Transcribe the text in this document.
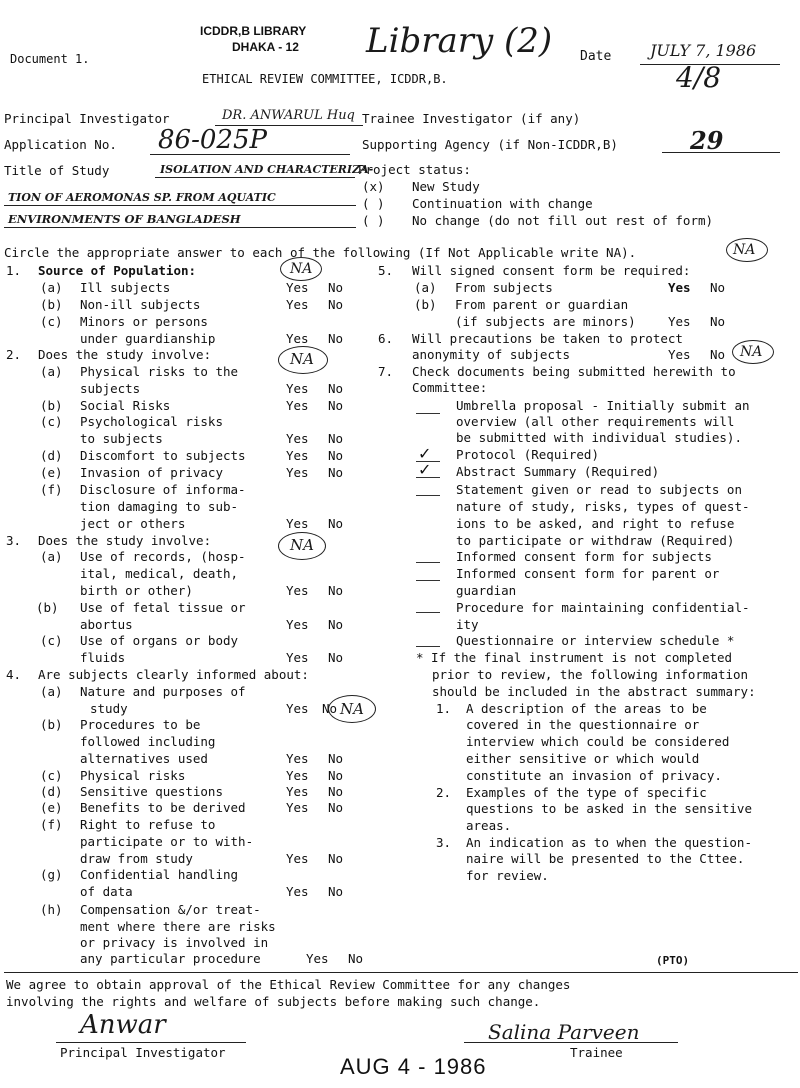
Document 1.
ICDDR,B LIBRARY
DHAKA - 12 Library (2) Date JULY 7, 1986
4/8
ETHICAL REVIEW COMMITTEE, ICDDR,B.
Principal Investigator	DR. ANWARUL Huq Trainee Investigator (if any)
Application No. 86-025P	Supporting Agency (if Non-ICDDR,B)	29
Title of Study	ISOLATION AND CHARACTERIZA-
TION OF AEROMONAS SP. FROM AQUATIC
ENVIRONMENTS OF BANGLADESH
Project status:
(x) New Study
( ) Continuation with change
( ) No change (do not fill out rest of form)
Circle the appropriate answer to each of the following (If Not Applicable write NA).	NA
1. Source of Population:	NA
(a) Ill subjects	Yes No
(b) Non-ill subjects	Yes No
(c) Minors or persons
under guardianship	Yes No
2. Does the study involve:	NA
(a) Physical risks to the
subjects	Yes No
(b) Social Risks	Yes No
(c) Psychological risks
to subjects	Yes No
(d) Discomfort to subjects	Yes No
(e) Invasion of privacy	Yes No
(f) Disclosure of informa-
tion damaging to sub-
ject or others	Yes No
3. Does the study involve:	NA
(a) Use of records, (hosp-
ital, medical, death,
birth or other)	Yes No
(b) Use of fetal tissue or
abortus	Yes No
(c) Use of organs or body
fluids	Yes No
4. Are subjects clearly informed about:
(a) Nature and purposes of
study	Yes No NA
(b) Procedures to be
followed including
alternatives used	Yes No
(c) Physical risks	Yes No
(d) Sensitive questions	Yes No
(e) Benefits to be derived	Yes No
(f) Right to refuse to
participate or to with-
draw from study	Yes No
(g) Confidential handling
of data	Yes No
(h) Compensation &/or treat-
ment where there are risks
or privacy is involved in
any particular procedure	Yes No
5. Will signed consent form be required:
(a) From subjects	Yes No
(b) From parent or guardian
(if subjects are minors)	Yes No
6. Will precautions be taken to protect
anonymity of subjects	Yes No NA
7. Check documents being submitted herewith to
Committee:
Umbrella proposal - Initially submit an
overview (all other requirements will
be submitted with individual studies).
✓ Protocol (Required)
✓ Abstract Summary (Required)
Statement given or read to subjects on
nature of study, risks, types of quest-
ions to be asked, and right to refuse
to participate or withdraw (Required)
Informed consent form for subjects
Informed consent form for parent or
guardian
Procedure for maintaining confidential-
ity
Questionnaire or interview schedule *
* If the final instrument is not completed
prior to review, the following information
should be included in the abstract summary:
1. A description of the areas to be
covered in the questionnaire or
interview which could be considered
either sensitive or which would
constitute an invasion of privacy.
2. Examples of the type of specific
questions to be asked in the sensitive
areas.
3. An indication as to when the question-
naire will be presented to the Cttee.
for review.
(PTO)
We agree to obtain approval of the Ethical Review Committee for any changes
involving the rights and welfare of subjects before making such change.
Anwar
Principal Investigator
Salina Parveen
Trainee
AUG 4 - 1986
